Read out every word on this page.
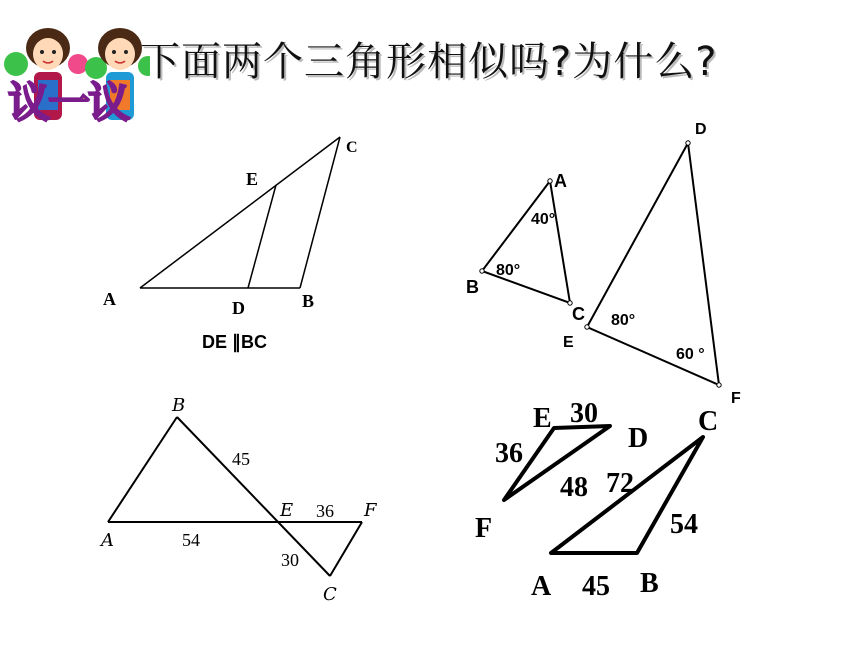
下面两个三角形相似吗?为什么?
议一议
A	B
C
D
E
DE ∥BC
A
B
C
D
E
F
40°
80°
80°
60 °
A
B
E	F
C
45
54
36
30
E
D
F
C
A	B
30
36
48 72
54
45
